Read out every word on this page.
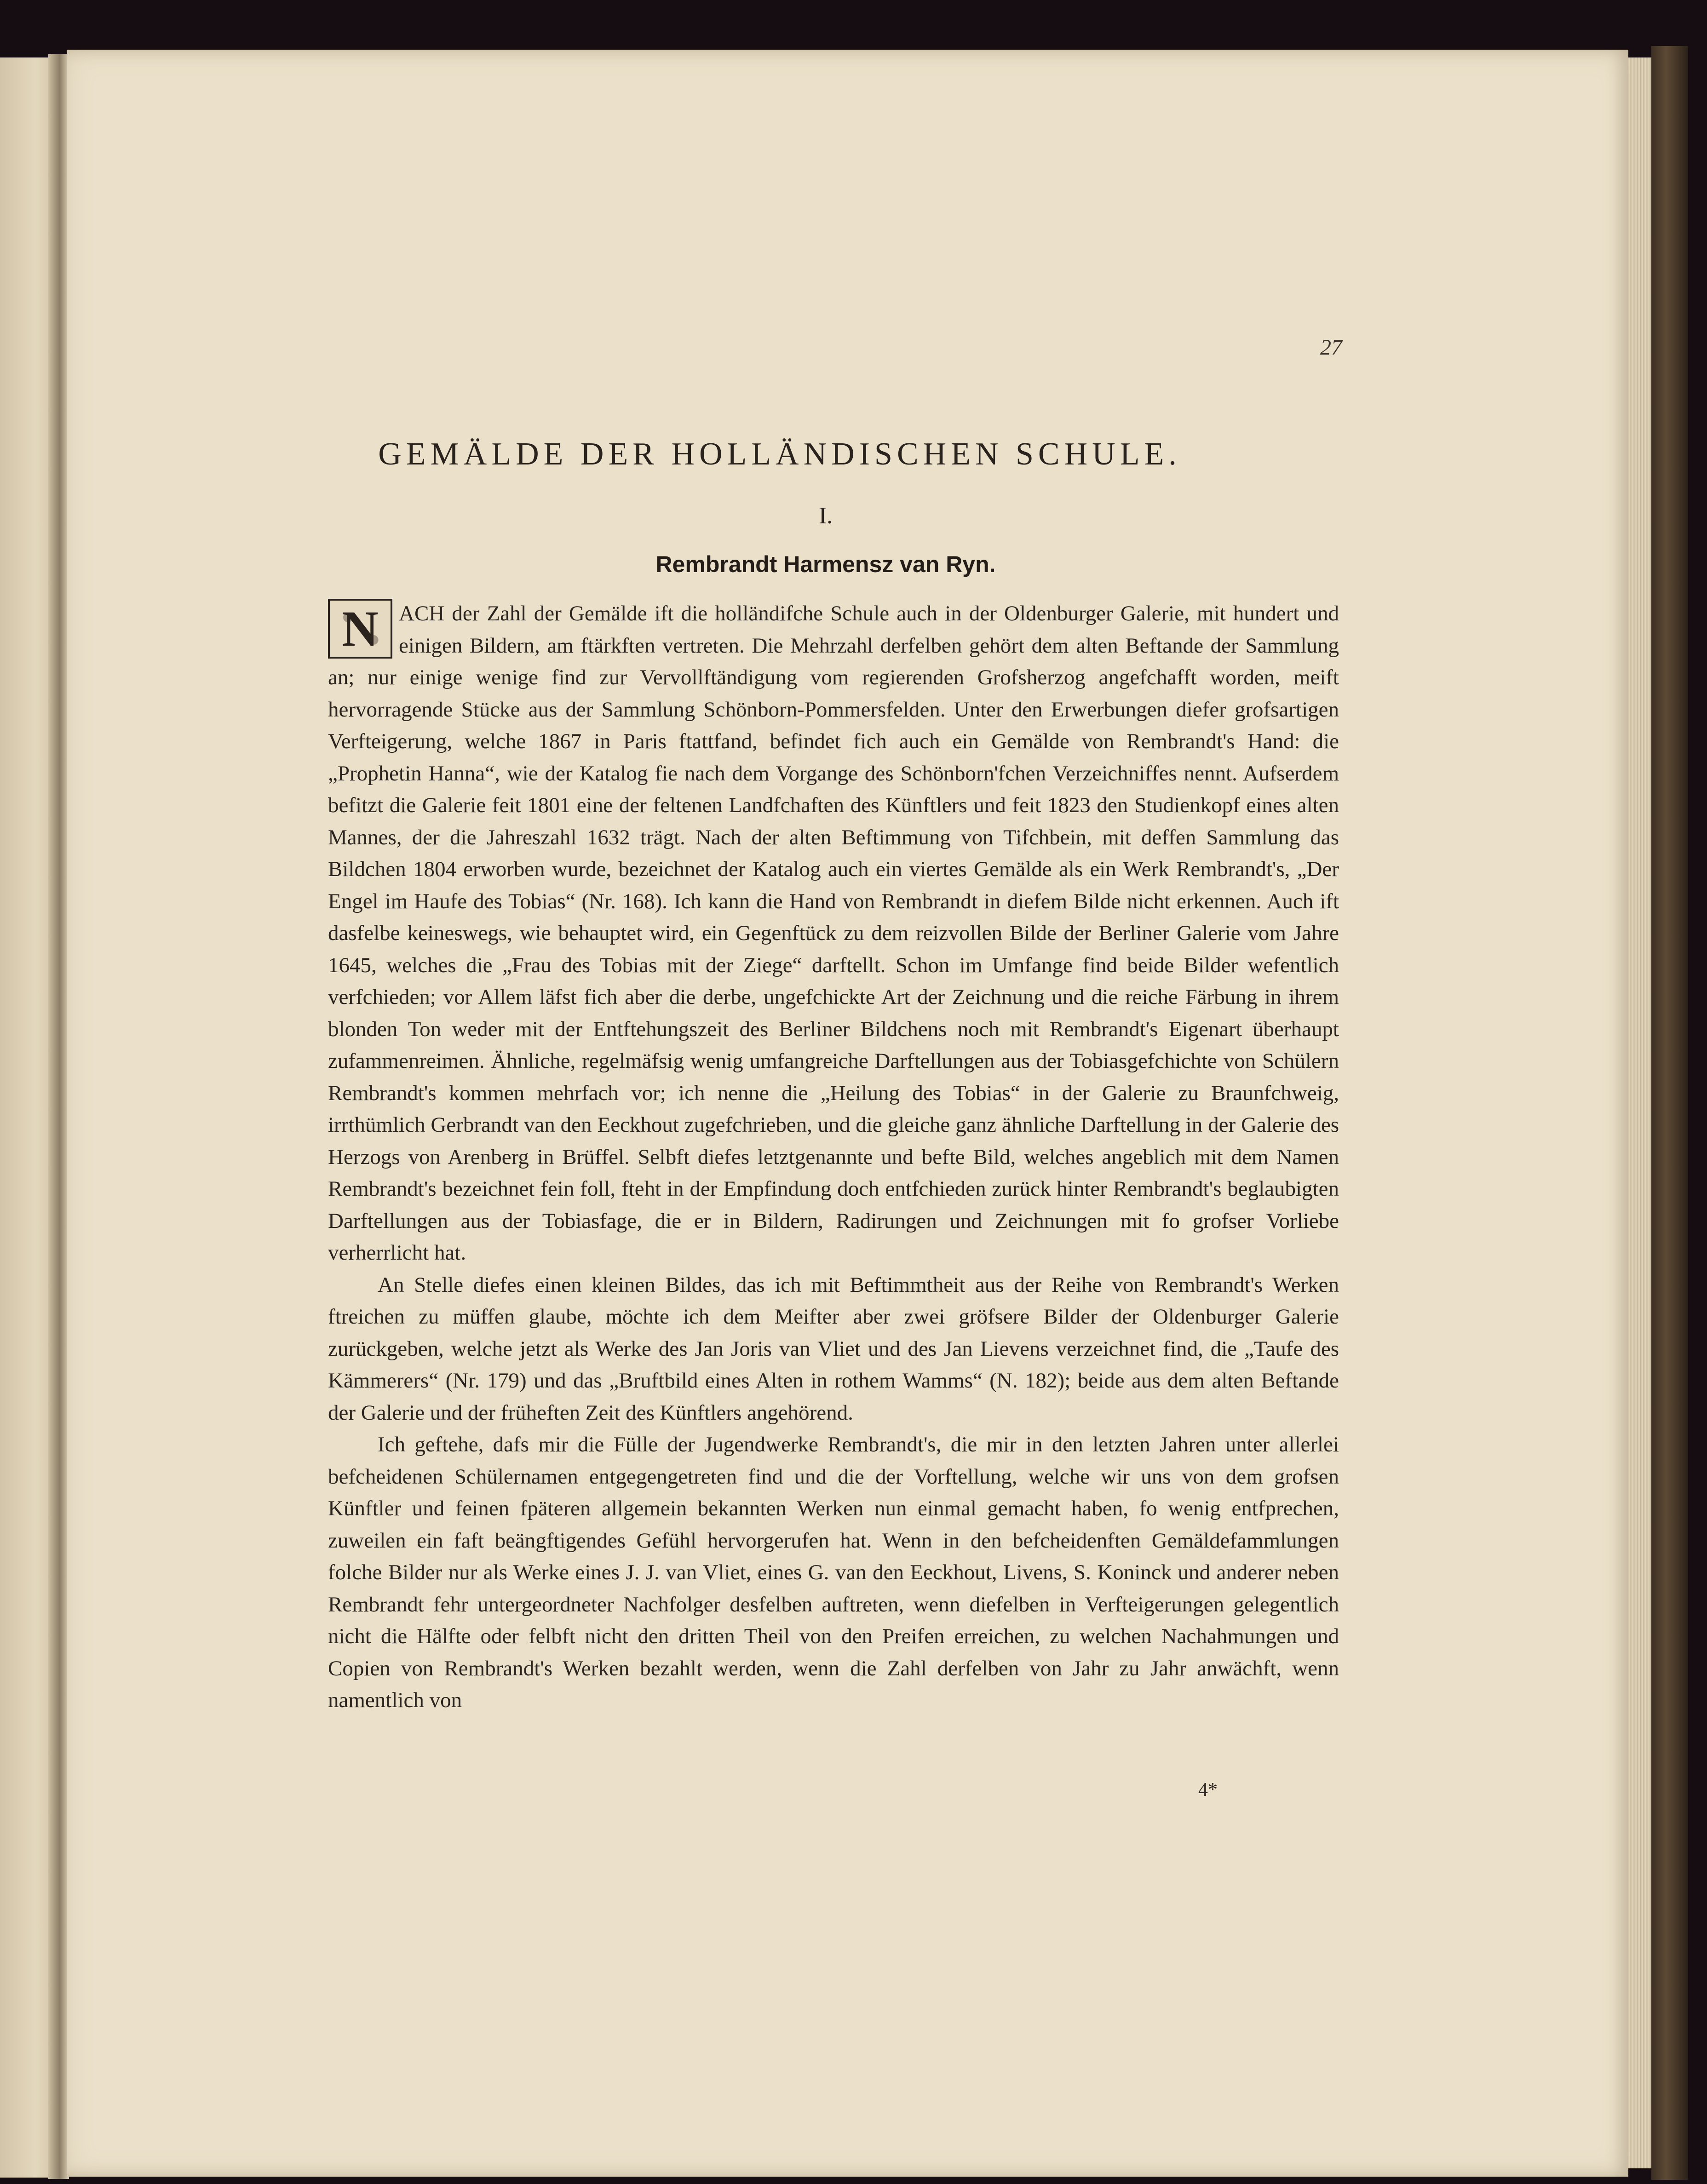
27
GEMÄLDE DER HOLLÄNDISCHEN SCHULE.
I.
Rembrandt Harmensz van Ryn.

N ACH der Zahl der Gemälde ift die holländifche Schule auch in der Oldenburger Galerie, mit hundert und einigen Bildern, am ftärkften vertreten. Die Mehrzahl derfelben gehört dem alten Beftande der Sammlung an; nur einige wenige find zur Vervollftändigung vom regierenden Grofsherzog angefchafft worden, meift hervorragende Stücke aus der Sammlung Schönborn-Pommersfelden. Unter den Erwerbungen diefer grofsartigen Verfteigerung, welche 1867 in Paris ftattfand, befindet fich auch ein Gemälde von Rembrandt's Hand: die „Prophetin Hanna“, wie der Katalog fie nach dem Vorgange des Schönborn'fchen Verzeichniffes nennt. Aufserdem befitzt die Galerie feit 1801 eine der feltenen Landfchaften des Künftlers und feit 1823 den Studienkopf eines alten Mannes, der die Jahreszahl 1632 trägt. Nach der alten Beftimmung von Tifchbein, mit deffen Sammlung das Bildchen 1804 erworben wurde, bezeichnet der Katalog auch ein viertes Gemälde als ein Werk Rembrandt's, „Der Engel im Haufe des Tobias“ (Nr. 168). Ich kann die Hand von Rembrandt in diefem Bilde nicht erkennen. Auch ift dasfelbe keineswegs, wie behauptet wird, ein Gegenftück zu dem reizvollen Bilde der Berliner Galerie vom Jahre 1645, welches die „Frau des Tobias mit der Ziege“ darftellt. Schon im Umfange find beide Bilder wefentlich verfchieden; vor Allem läfst fich aber die derbe, ungefchickte Art der Zeichnung und die reiche Färbung in ihrem blonden Ton weder mit der Entftehungszeit des Berliner Bildchens noch mit Rembrandt's Eigenart überhaupt zufammenreimen. Ähnliche, regelmäfsig wenig umfangreiche Darftellungen aus der Tobiasgefchichte von Schülern Rembrandt's kommen mehrfach vor; ich nenne die „Heilung des Tobias“ in der Galerie zu Braunfchweig, irrthümlich Gerbrandt van den Eeckhout zugefchrieben, und die gleiche ganz ähnliche Darftellung in der Galerie des Herzogs von Arenberg in Brüffel. Selbft diefes letztgenannte und befte Bild, welches angeblich mit dem Namen Rembrandt's bezeichnet fein foll, fteht in der Empfindung doch entfchieden zurück hinter Rembrandt's beglaubigten Darftellungen aus der Tobiasfage, die er in Bildern, Radirungen und Zeichnungen mit fo grofser Vorliebe verherrlicht hat.

An Stelle diefes einen kleinen Bildes, das ich mit Beftimmtheit aus der Reihe von Rembrandt's Werken ftreichen zu müffen glaube, möchte ich dem Meifter aber zwei gröfsere Bilder der Oldenburger Galerie zurückgeben, welche jetzt als Werke des Jan Joris van Vliet und des Jan Lievens verzeichnet find, die „Taufe des Kämmerers“ (Nr. 179) und das „Bruftbild eines Alten in rothem Wamms“ (N. 182); beide aus dem alten Beftande der Galerie und der früheften Zeit des Künftlers angehörend.

Ich geftehe, dafs mir die Fülle der Jugendwerke Rembrandt's, die mir in den letzten Jahren unter allerlei befcheidenen Schülernamen entgegengetreten find und die der Vorftellung, welche wir uns von dem grofsen Künftler und feinen fpäteren allgemein bekannten Werken nun einmal gemacht haben, fo wenig entfprechen, zuweilen ein faft beängftigendes Gefühl hervorgerufen hat. Wenn in den befcheidenften Gemäldefammlungen folche Bilder nur als Werke eines J. J. van Vliet, eines G. van den Eeckhout, Livens, S. Koninck und anderer neben Rembrandt fehr untergeordneter Nachfolger desfelben auftreten, wenn diefelben in Verfteigerungen gelegentlich nicht die Hälfte oder felbft nicht den dritten Theil von den Preifen erreichen, zu welchen Nachahmungen und Copien von Rembrandt's Werken bezahlt werden, wenn die Zahl derfelben von Jahr zu Jahr anwächft, wenn namentlich von

4*
